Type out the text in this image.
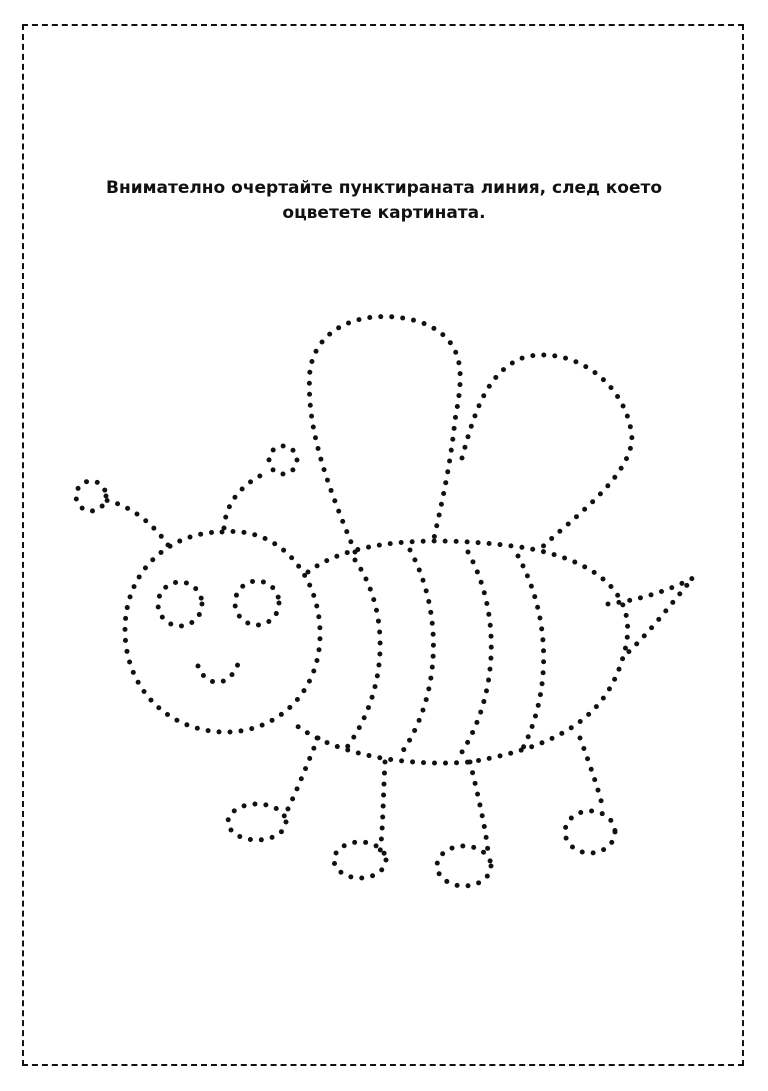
Внимателно очертайте пунктираната линия, след което оцветете картината.
